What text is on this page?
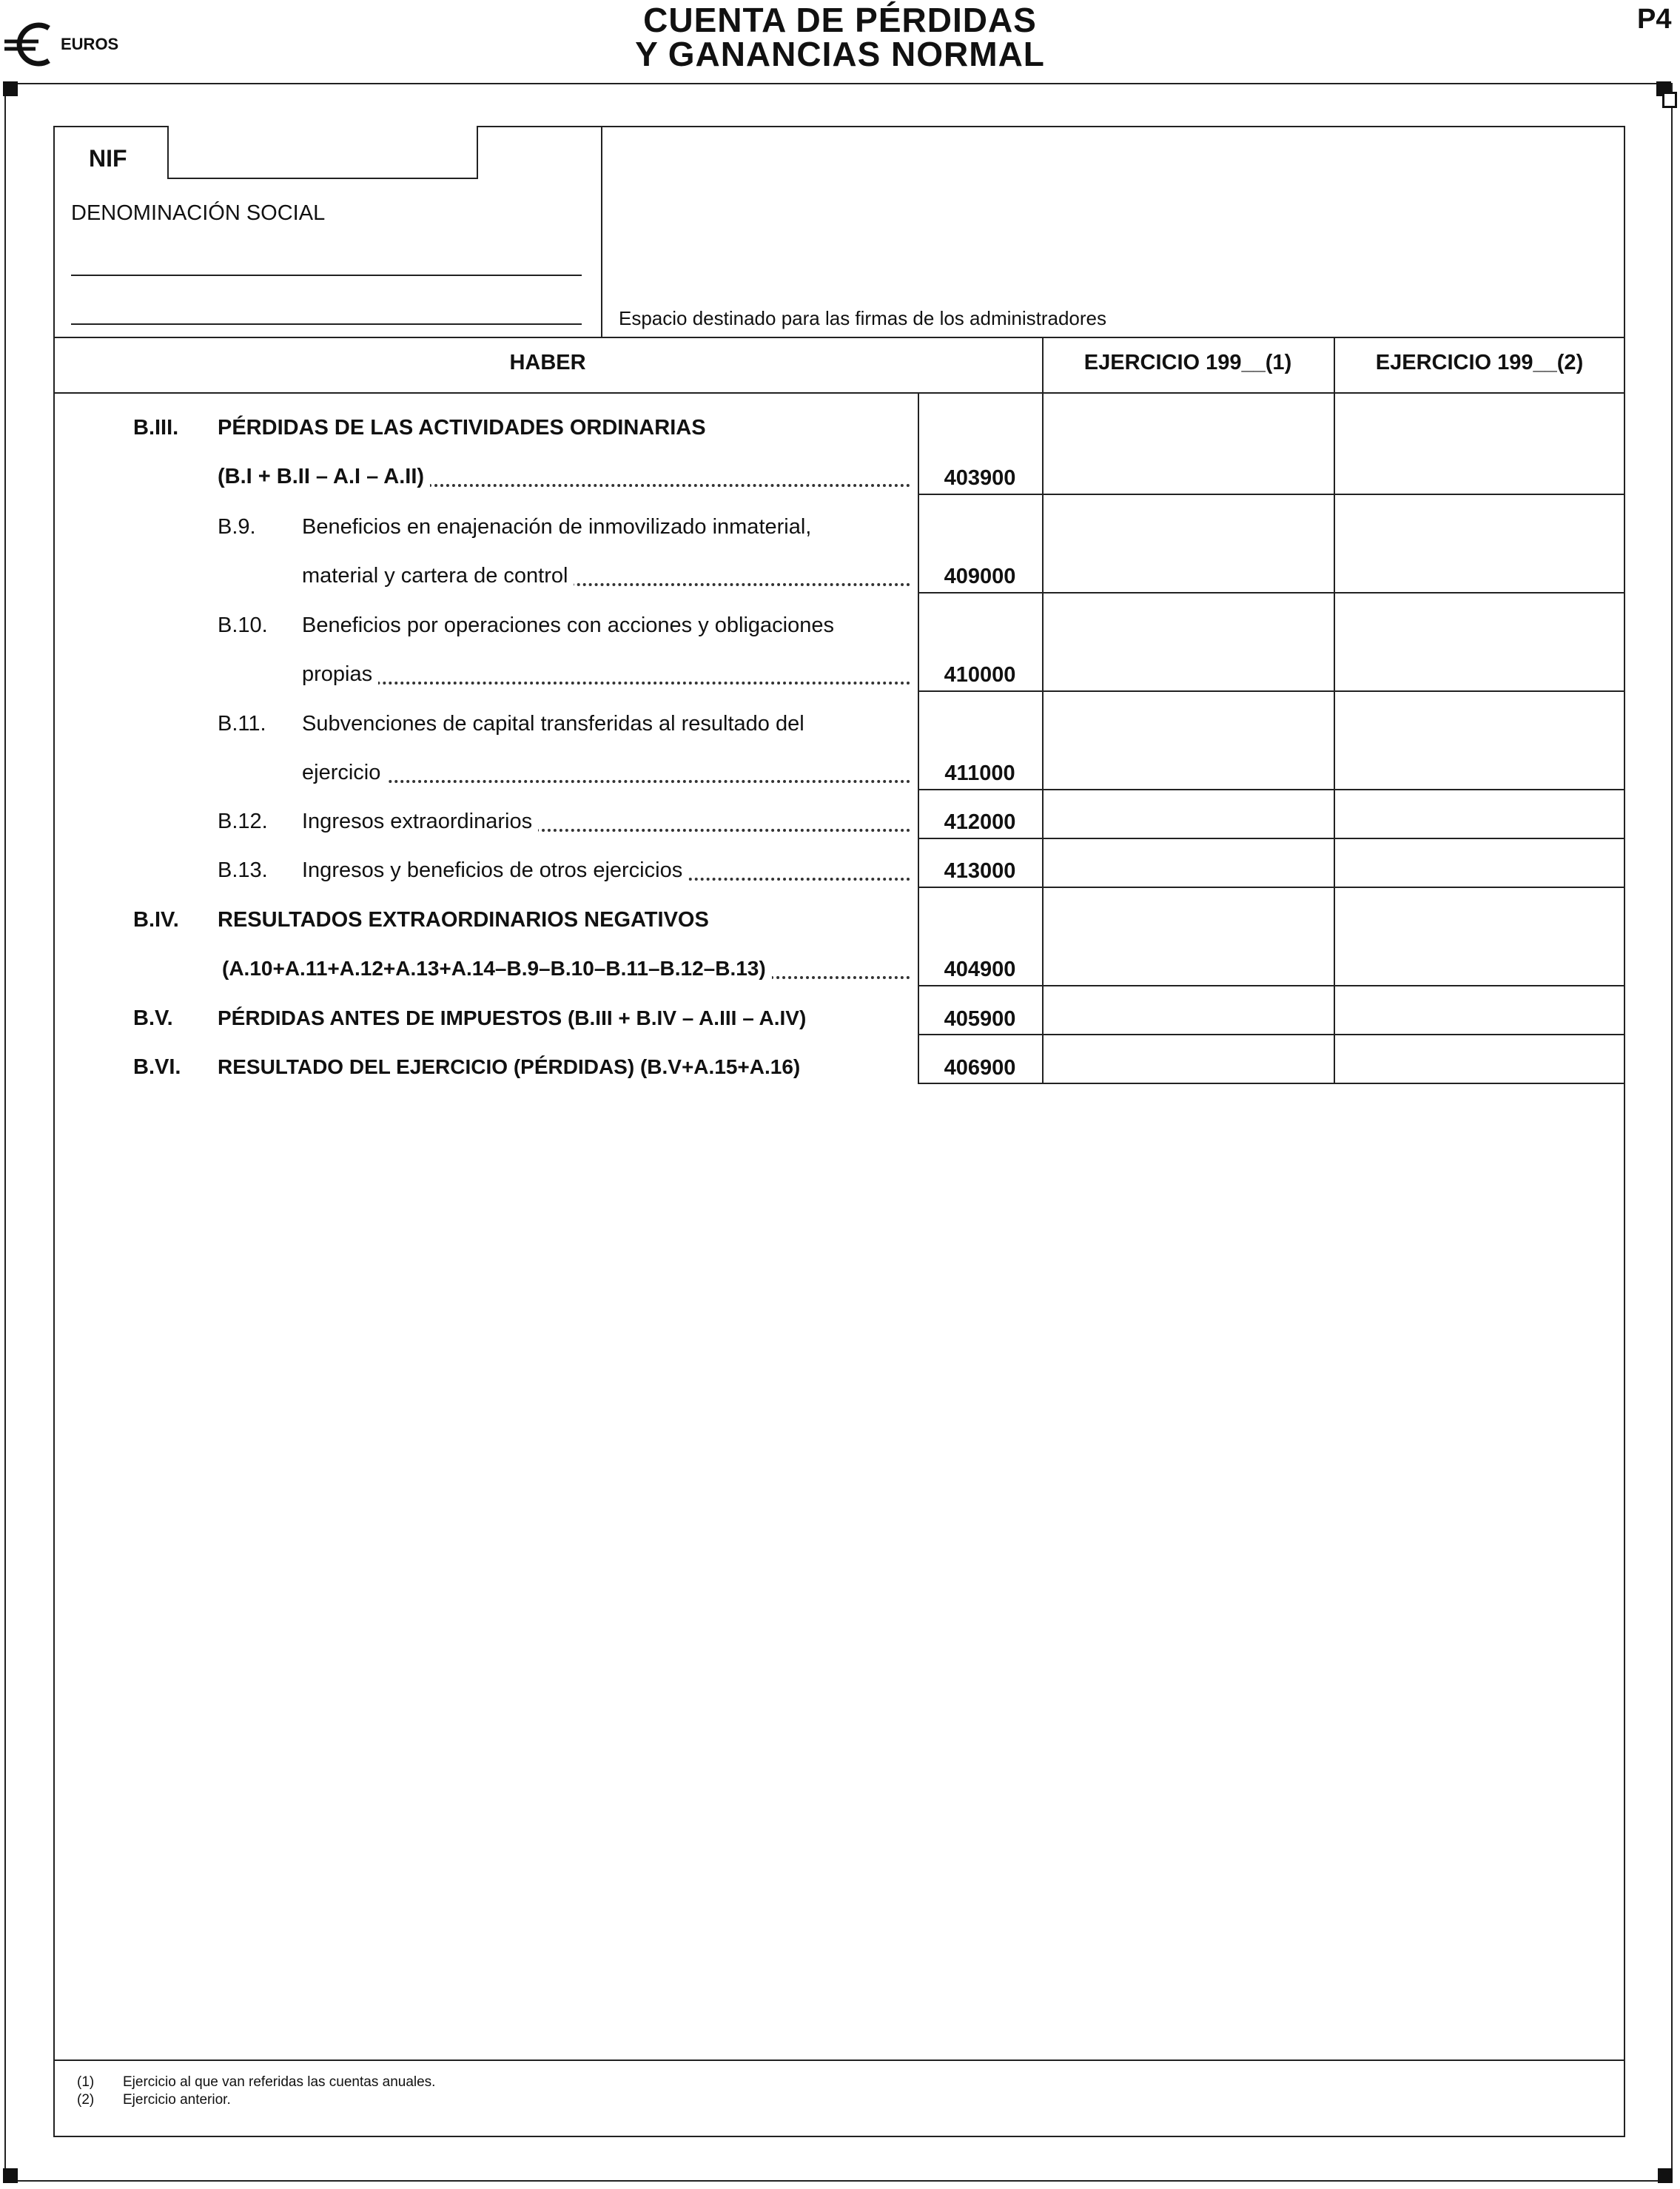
EUROS
CUENTA DE PÉRDIDAS
Y GANANCIAS NORMAL
P4
NIF
DENOMINACIÓN SOCIAL
Espacio destinado para las firmas de los administradores
HABER	EJERCICIO 199__(1)	EJERCICIO 199__(2)
B.III. PÉRDIDAS DE LAS ACTIVIDADES ORDINARIAS
(B.I + B.II – A.I – A.II)	403900
B.9. Beneficios en enajenación de inmovilizado inmaterial,
material y cartera de control	409000
B.10. Beneficios por operaciones con acciones y obligaciones
propias	410000
B.11. Subvenciones de capital transferidas al resultado del
ejercicio	411000
B.12. Ingresos extraordinarios	412000
B.13. Ingresos y beneficios de otros ejercicios	413000
B.IV. RESULTADOS EXTRAORDINARIOS NEGATIVOS
(A.10+A.11+A.12+A.13+A.14–B.9–B.10–B.11–B.12–B.13)	404900
B.V. PÉRDIDAS ANTES DE IMPUESTOS (B.III + B.IV – A.III – A.IV)	405900
B.VI. RESULTADO DEL EJERCICIO (PÉRDIDAS) (B.V+A.15+A.16)	406900
(1) Ejercicio al que van referidas las cuentas anuales.
(2) Ejercicio anterior.
